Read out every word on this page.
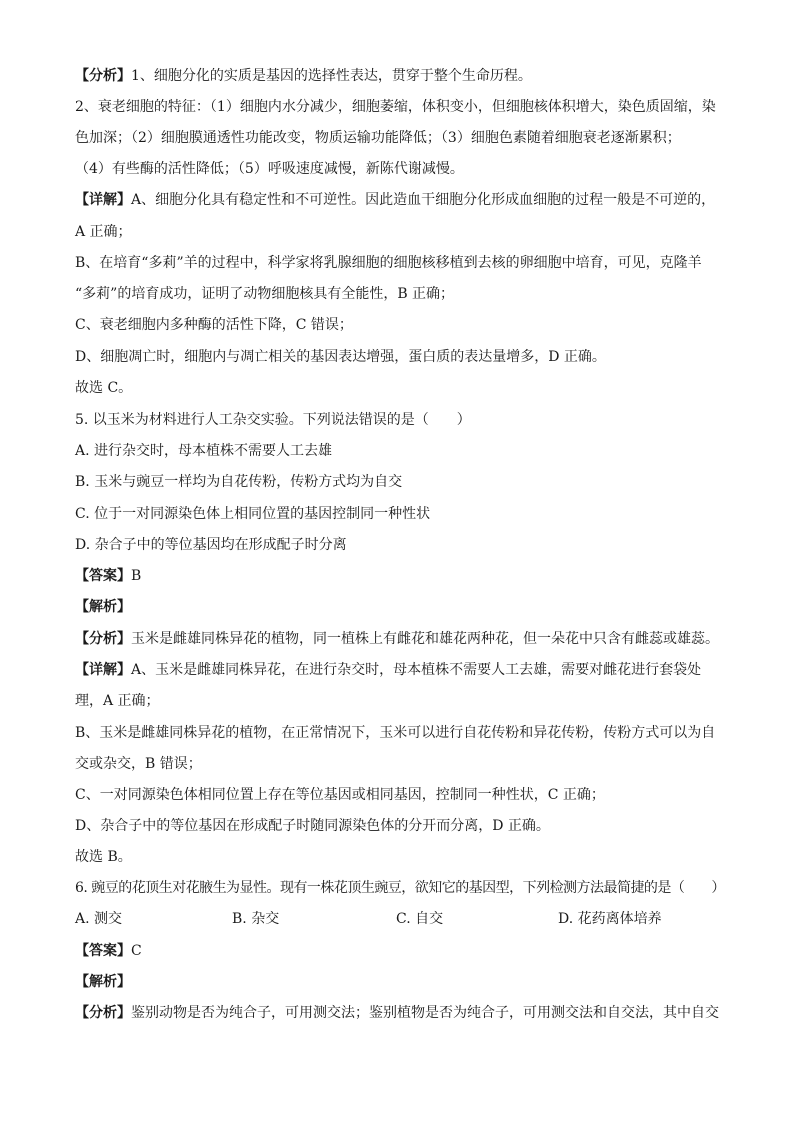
【分析】1、细胞分化的实质是基因的选择性表达，贯穿于整个生命历程。
2、衰老细胞的特征：（1）细胞内水分减少，细胞萎缩，体积变小，但细胞核体积增大，染色质固缩，染
色加深；（2）细胞膜通透性功能改变，物质运输功能降低；（3）细胞色素随着细胞衰老逐渐累积；
（4）有些酶的活性降低；（5）呼吸速度减慢，新陈代谢减慢。
【详解】A、细胞分化具有稳定性和不可逆性。因此造血干细胞分化形成血细胞的过程一般是不可逆的，
A 正确；
B、在培育“多莉”羊的过程中，科学家将乳腺细胞的细胞核移植到去核的卵细胞中培育，可见，克隆羊
“多莉”的培育成功，证明了动物细胞核具有全能性，B 正确；
C、衰老细胞内多种酶的活性下降，C 错误；
D、细胞凋亡时，细胞内与凋亡相关的基因表达增强，蛋白质的表达量增多，D 正确。
故选 C。
5. 以玉米为材料进行人工杂交实验。下列说法错误的是（　　）
A. 进行杂交时，母本植株不需要人工去雄
B. 玉米与豌豆一样均为自花传粉，传粉方式均为自交
C. 位于一对同源染色体上相同位置的基因控制同一种性状
D. 杂合子中的等位基因均在形成配子时分离
【答案】B
【解析】
【分析】玉米是雌雄同株异花的植物，同一植株上有雌花和雄花两种花，但一朵花中只含有雌蕊或雄蕊。
【详解】A、玉米是雌雄同株异花，在进行杂交时，母本植株不需要人工去雄，需要对雌花进行套袋处
理，A 正确；
B、玉米是雌雄同株异花的植物，在正常情况下，玉米可以进行自花传粉和异花传粉，传粉方式可以为自
交或杂交，B 错误；
C、一对同源染色体相同位置上存在等位基因或相同基因，控制同一种性状，C 正确；
D、杂合子中的等位基因在形成配子时随同源染色体的分开而分离，D 正确。
故选 B。
6. 豌豆的花顶生对花腋生为显性。现有一株花顶生豌豆，欲知它的基因型，下列检测方法最简捷的是（　　）
A. 测交	B. 杂交	C. 自交	D. 花药离体培养
【答案】C
【解析】
【分析】鉴别动物是否为纯合子，可用测交法；鉴别植物是否为纯合子，可用测交法和自交法，其中自交
